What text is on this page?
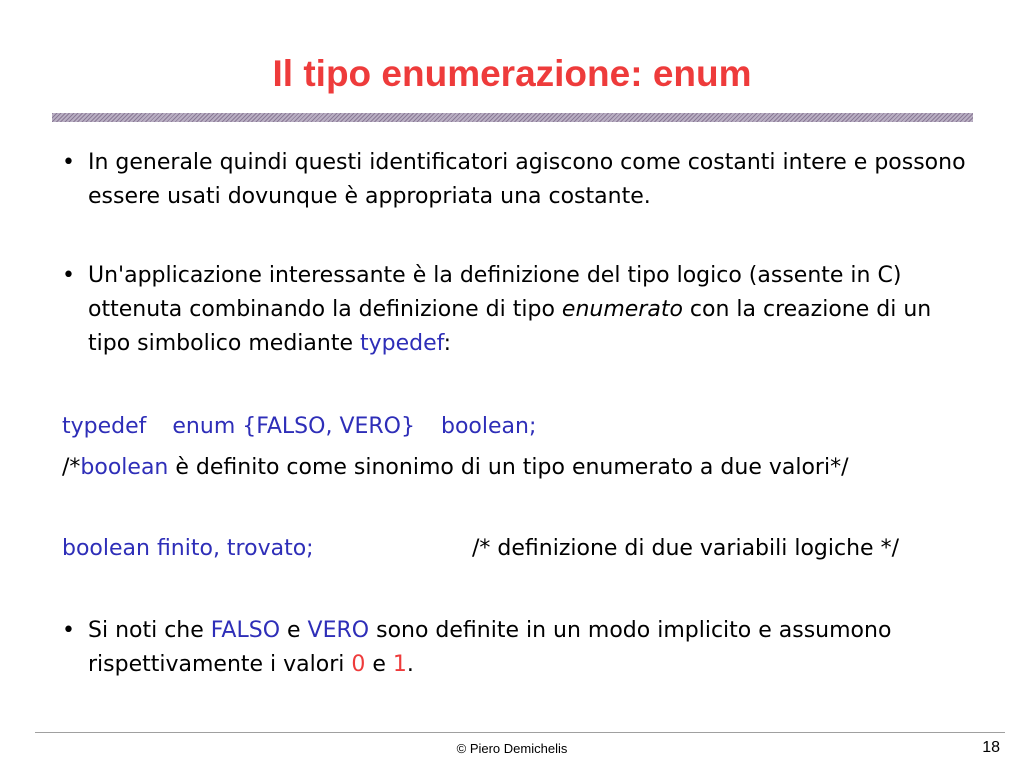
Il tipo enumerazione: enum
• In generale quindi questi identificatori agiscono come costanti intere e possono essere usati dovunque è appropriata una costante.
• Un'applicazione interessante è la definizione del tipo logico (assente in C) ottenuta combinando la definizione di tipo enumerato con la creazione di un tipo simbolico mediante typedef:
typedef enum {FALSO, VERO} boolean;
/*boolean è definito come sinonimo di un tipo enumerato a due valori*/
boolean finito, trovato;	/* definizione di due variabili logiche */
• Si noti che FALSO e VERO sono definite in un modo implicito e assumono rispettivamente i valori 0 e 1.
© Piero Demichelis	18
